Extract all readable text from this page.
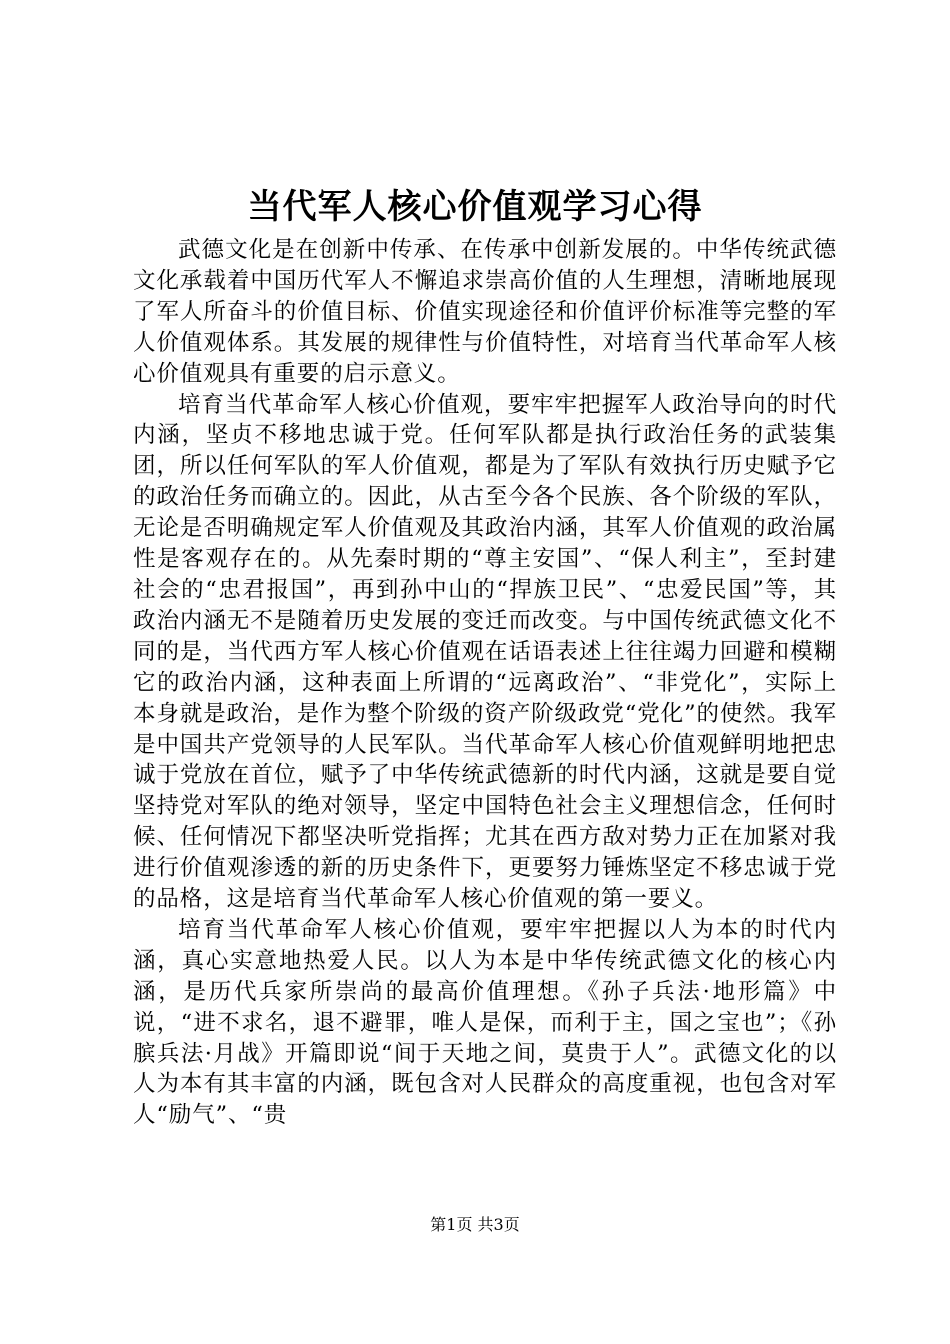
当代军人核心价值观学习心得

武德文化是在创新中传承、在传承中创新发展的。中华传统武德文化承载着中国历代军人不懈追求崇高价值的人生理想，清晰地展现了军人所奋斗的价值目标、价值实现途径和价值评价标准等完整的军人价值观体系。其发展的规律性与价值特性，对培育当代革命军人核心价值观具有重要的启示意义。

培育当代革命军人核心价值观，要牢牢把握军人政治导向的时代内涵，坚贞不移地忠诚于党。任何军队都是执行政治任务的武装集团，所以任何军队的军人价值观，都是为了军队有效执行历史赋予它的政治任务而确立的。因此，从古至今各个民族、各个阶级的军队，无论是否明确规定军人价值观及其政治内涵，其军人价值观的政治属性是客观存在的。从先秦时期的“尊主安国”、“保人利主”，至封建社会的“忠君报国”，再到孙中山的“捍族卫民”、“忠爱民国”等，其政治内涵无不是随着历史发展的变迁而改变。与中国传统武德文化不同的是，当代西方军人核心价值观在话语表述上往往竭力回避和模糊它的政治内涵，这种表面上所谓的“远离政治”、“非党化”，实际上本身就是政治，是作为整个阶级的资产阶级政党“党化”的使然。我军是中国共产党领导的人民军队。当代革命军人核心价值观鲜明地把忠诚于党放在首位，赋予了中华传统武德新的时代内涵，这就是要自觉坚持党对军队的绝对领导，坚定中国特色社会主义理想信念，任何时候、任何情况下都坚决听党指挥；尤其在西方敌对势力正在加紧对我进行价值观渗透的新的历史条件下，更要努力锤炼坚定不移忠诚于党的品格，这是培育当代革命军人核心价值观的第一要义。

培育当代革命军人核心价值观，要牢牢把握以人为本的时代内涵，真心实意地热爱人民。以人为本是中华传统武德文化的核心内涵，是历代兵家所崇尚的最高价值理想。《孙子兵法·地形篇》中说，“进不求名，退不避罪，唯人是保，而利于主，国之宝也”；《孙膑兵法·月战》开篇即说“间于天地之间，莫贵于人”。武德文化的以人为本有其丰富的内涵，既包含对人民群众的高度重视，也包含对军人“励气”、“贵

第1页 共3页
